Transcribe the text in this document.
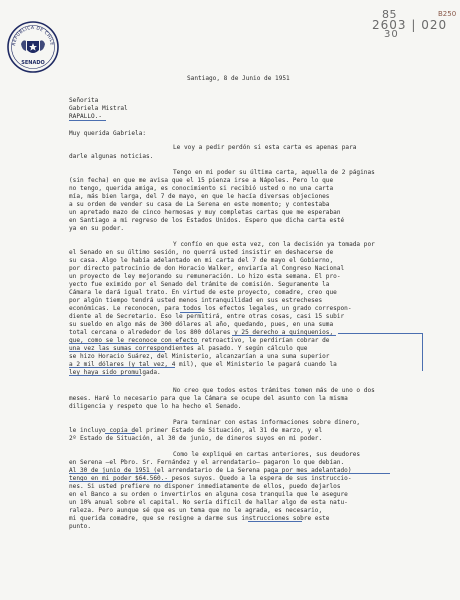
REPÚBLICA DE CHILE
SENADO
85
2603 | 020
30
B250

Santiago, 8 de Junio de 1951

Señorita

Gabriela Mistral

RAPALLO.-

Muy querida Gabriela:

Le voy a pedir perdón si esta carta es apenas para

darle algunas noticias.

Tengo en mi poder su última carta, aquella de 2 páginas

(sin fecha) en que me avisa que el 15 pienza irse a Nápoles. Pero lo que

no tengo, querida amiga, es conocimiento si recibió usted o no una carta

mía, más bien larga, del 7 de mayo, en que le hacía diversas objeciones

a su orden de vender su casa de La Serena en este momento; y contestaba

un apretado mazo de cinco hermosas y muy completas cartas que me esperaban

en Santiago a mi regreso de los Estados Unidos. Espero que dicha carta esté

ya en su poder.

Y confío en que esta vez, con la decisión ya tomada por

el Senado en su último sesión, no querrá usted insistir en deshacerse de

su casa. Algo le había adelantado en mi carta del 7 de mayo el Gobierno,

por directo patrocinio de don Horacio Walker, enviaría al Congreso Nacional

un proyecto de ley mejorando su remuneración. Lo hizo esta semana. El pro-

yecto fue eximido por el Senado del trámite de comisión. Seguramente la

Cámara le dará igual trato. En virtud de este proyecto, comadre, creo que

por algún tiempo tendrá usted menos intranquilidad en sus estrecheses

económicas. Le reconocen, para todos los efectos legales, un grado correspon-

diente al de Secretario. Eso le permitirá, entre otras cosas, casi 15 subir

su sueldo en algo más de 300 dólares al año, quedando, pues, en una suma

total cercana o alrededor de los 800 dólares y 25 derecho a quinquenios,

que, como se le reconoce con efecto retroactivo, le perdirían cobrar de

una vez las sumas correspondientes al pasado. Y según cálculo que

se hizo Horacio Suárez, del Ministerio, alcanzarían a una suma superior

a 2 mil dólares (y tal vez, 4 mil), que el Ministerio le pagará cuando la

ley haya sido promulgada.

No creo que todos estos trámites tomen más de uno o dos

meses. Haré lo necesario para que la Cámara se ocupe del asunto con la misma

diligencia y respeto que lo ha hecho el Senado.

Para terminar con estas informaciones sobre dinero,

le incluyo copia del primer Estado de Situación, al 31 de marzo, y el

2º Estado de Situación, al 30 de junio, de dineros suyos en mi poder.

Como le expliqué en cartas anteriores, sus deudores

en Serena —el Pbro. Sr. Fernández y el arrendatario— pagaron lo que debían.

Al 30 de junio de 1951 (el arrendatario de La Serena paga por mes adelantado)

tengo en mi poder $64.560.- pesos suyos. Quedo a la espera de sus instruccio-

nes. Si usted prefiere no disponer inmediatamente de ellos, puedo dejarlos

en el Banco a su orden o invertirlos en alguna cosa tranquila que le asegure

un 10% anual sobre el capital. No sería difícil de hallar algo de esta natu-

raleza. Pero aunque sé que es un tema que no le agrada, es necesario,

mi querida comadre, que se resigne a darme sus instrucciones sobre este

punto.
